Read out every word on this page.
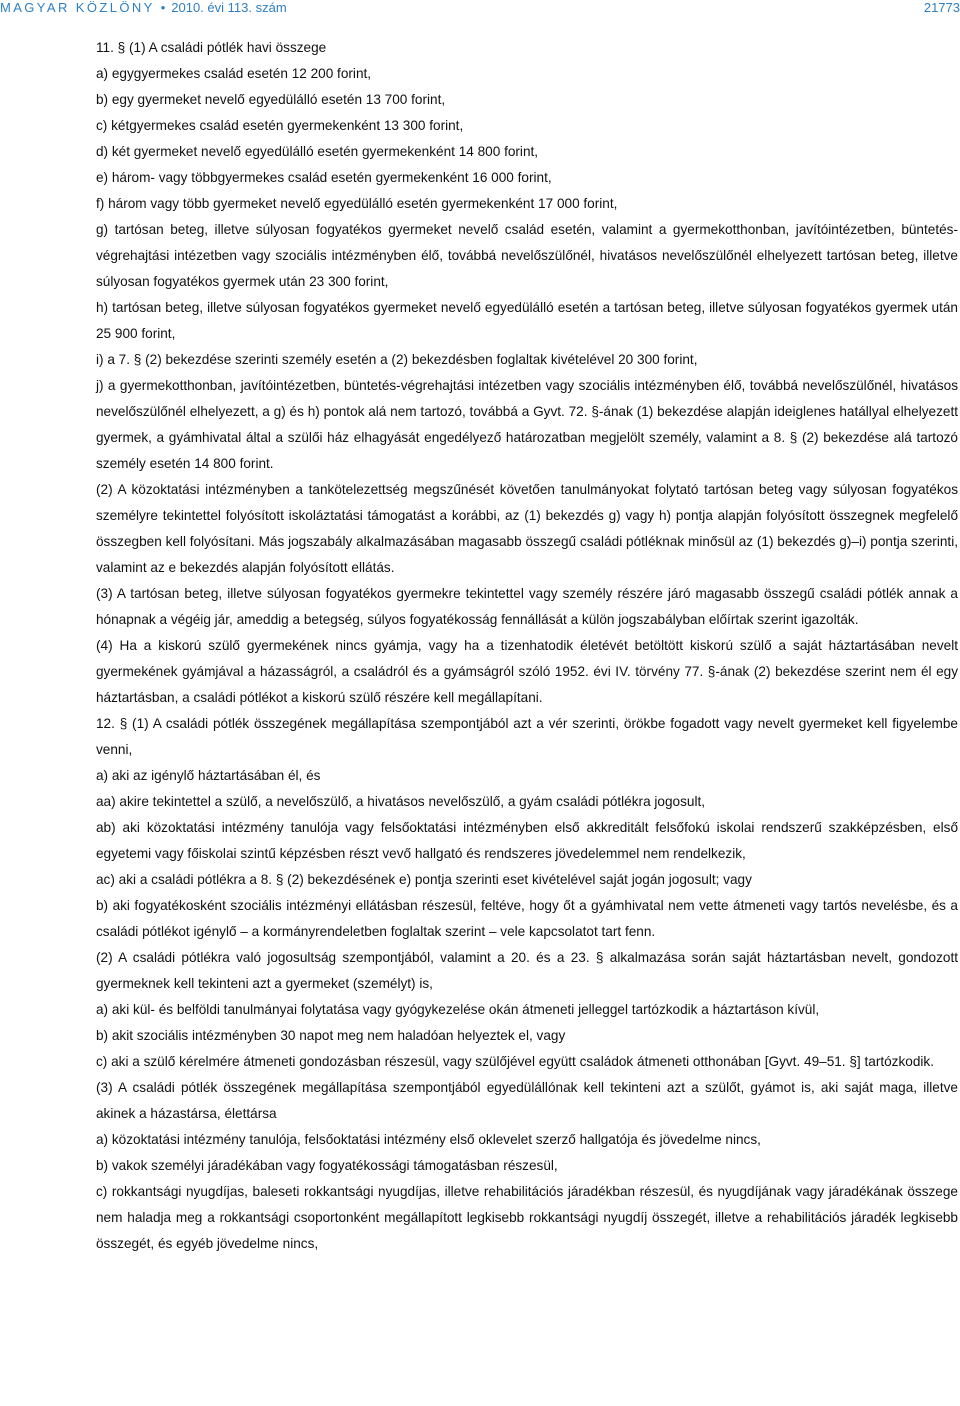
MAGYAR KÖZLÖNY • 2010. évi 113. szám	21773

11. § (1) A családi pótlék havi összege

a) egygyermekes család esetén 12 200 forint,

b) egy gyermeket nevelő egyedülálló esetén 13 700 forint,

c) kétgyermekes család esetén gyermekenként 13 300 forint,

d) két gyermeket nevelő egyedülálló esetén gyermekenként 14 800 forint,

e) három- vagy többgyermekes család esetén gyermekenként 16 000 forint,

f) három vagy több gyermeket nevelő egyedülálló esetén gyermekenként 17 000 forint,

g) tartósan beteg, illetve súlyosan fogyatékos gyermeket nevelő család esetén, valamint a gyermekotthonban, javítóintézetben, büntetés-végrehajtási intézetben vagy szociális intézményben élő, továbbá nevelőszülőnél, hivatásos nevelőszülőnél elhelyezett tartósan beteg, illetve súlyosan fogyatékos gyermek után 23 300 forint,

h) tartósan beteg, illetve súlyosan fogyatékos gyermeket nevelő egyedülálló esetén a tartósan beteg, illetve súlyosan fogyatékos gyermek után 25 900 forint,

i) a 7. § (2) bekezdése szerinti személy esetén a (2) bekezdésben foglaltak kivételével 20 300 forint,

j) a gyermekotthonban, javítóintézetben, büntetés-végrehajtási intézetben vagy szociális intézményben élő, továbbá nevelőszülőnél, hivatásos nevelőszülőnél elhelyezett, a g) és h) pontok alá nem tartozó, továbbá a Gyvt. 72. §-ának (1) bekezdése alapján ideiglenes hatállyal elhelyezett gyermek, a gyámhivatal által a szülői ház elhagyását engedélyező határozatban megjelölt személy, valamint a 8. § (2) bekezdése alá tartozó személy esetén 14 800 forint.

(2) A közoktatási intézményben a tankötelezettség megszűnését követően tanulmányokat folytató tartósan beteg vagy súlyosan fogyatékos személyre tekintettel folyósított iskoláztatási támogatást a korábbi, az (1) bekezdés g) vagy h) pontja alapján folyósított összegnek megfelelő összegben kell folyósítani. Más jogszabály alkalmazásában magasabb összegű családi pótléknak minősül az (1) bekezdés g)–i) pontja szerinti, valamint az e bekezdés alapján folyósított ellátás.

(3) A tartósan beteg, illetve súlyosan fogyatékos gyermekre tekintettel vagy személy részére járó magasabb összegű családi pótlék annak a hónapnak a végéig jár, ameddig a betegség, súlyos fogyatékosság fennállását a külön jogszabályban előírtak szerint igazolták.

(4) Ha a kiskorú szülő gyermekének nincs gyámja, vagy ha a tizenhatodik életévét betöltött kiskorú szülő a saját háztartásában nevelt gyermekének gyámjával a házasságról, a családról és a gyámságról szóló 1952. évi IV. törvény 77. §-ának (2) bekezdése szerint nem él egy háztartásban, a családi pótlékot a kiskorú szülő részére kell megállapítani.

12. § (1) A családi pótlék összegének megállapítása szempontjából azt a vér szerinti, örökbe fogadott vagy nevelt gyermeket kell figyelembe venni,

a) aki az igénylő háztartásában él, és

aa) akire tekintettel a szülő, a nevelőszülő, a hivatásos nevelőszülő, a gyám családi pótlékra jogosult,

ab) aki közoktatási intézmény tanulója vagy felsőoktatási intézményben első akkreditált felsőfokú iskolai rendszerű szakképzésben, első egyetemi vagy főiskolai szintű képzésben részt vevő hallgató és rendszeres jövedelemmel nem rendelkezik,

ac) aki a családi pótlékra a 8. § (2) bekezdésének e) pontja szerinti eset kivételével saját jogán jogosult; vagy

b) aki fogyatékosként szociális intézményi ellátásban részesül, feltéve, hogy őt a gyámhivatal nem vette átmeneti vagy tartós nevelésbe, és a családi pótlékot igénylő – a kormányrendeletben foglaltak szerint – vele kapcsolatot tart fenn.

(2) A családi pótlékra való jogosultság szempontjából, valamint a 20. és a 23. § alkalmazása során saját háztartásban nevelt, gondozott gyermeknek kell tekinteni azt a gyermeket (személyt) is,

a) aki kül- és belföldi tanulmányai folytatása vagy gyógykezelése okán átmeneti jelleggel tartózkodik a háztartáson kívül,

b) akit szociális intézményben 30 napot meg nem haladóan helyeztek el, vagy

c) aki a szülő kérelmére átmeneti gondozásban részesül, vagy szülőjével együtt családok átmeneti otthonában [Gyvt. 49–51. §] tartózkodik.

(3) A családi pótlék összegének megállapítása szempontjából egyedülállónak kell tekinteni azt a szülőt, gyámot is, aki saját maga, illetve akinek a házastársa, élettársa

a) közoktatási intézmény tanulója, felsőoktatási intézmény első oklevelet szerző hallgatója és jövedelme nincs,

b) vakok személyi járadékában vagy fogyatékossági támogatásban részesül,

c) rokkantsági nyugdíjas, baleseti rokkantsági nyugdíjas, illetve rehabilitációs járadékban részesül, és nyugdíjának vagy járadékának összege nem haladja meg a rokkantsági csoportonként megállapított legkisebb rokkantsági nyugdíj összegét, illetve a rehabilitációs járadék legkisebb összegét, és egyéb jövedelme nincs,
